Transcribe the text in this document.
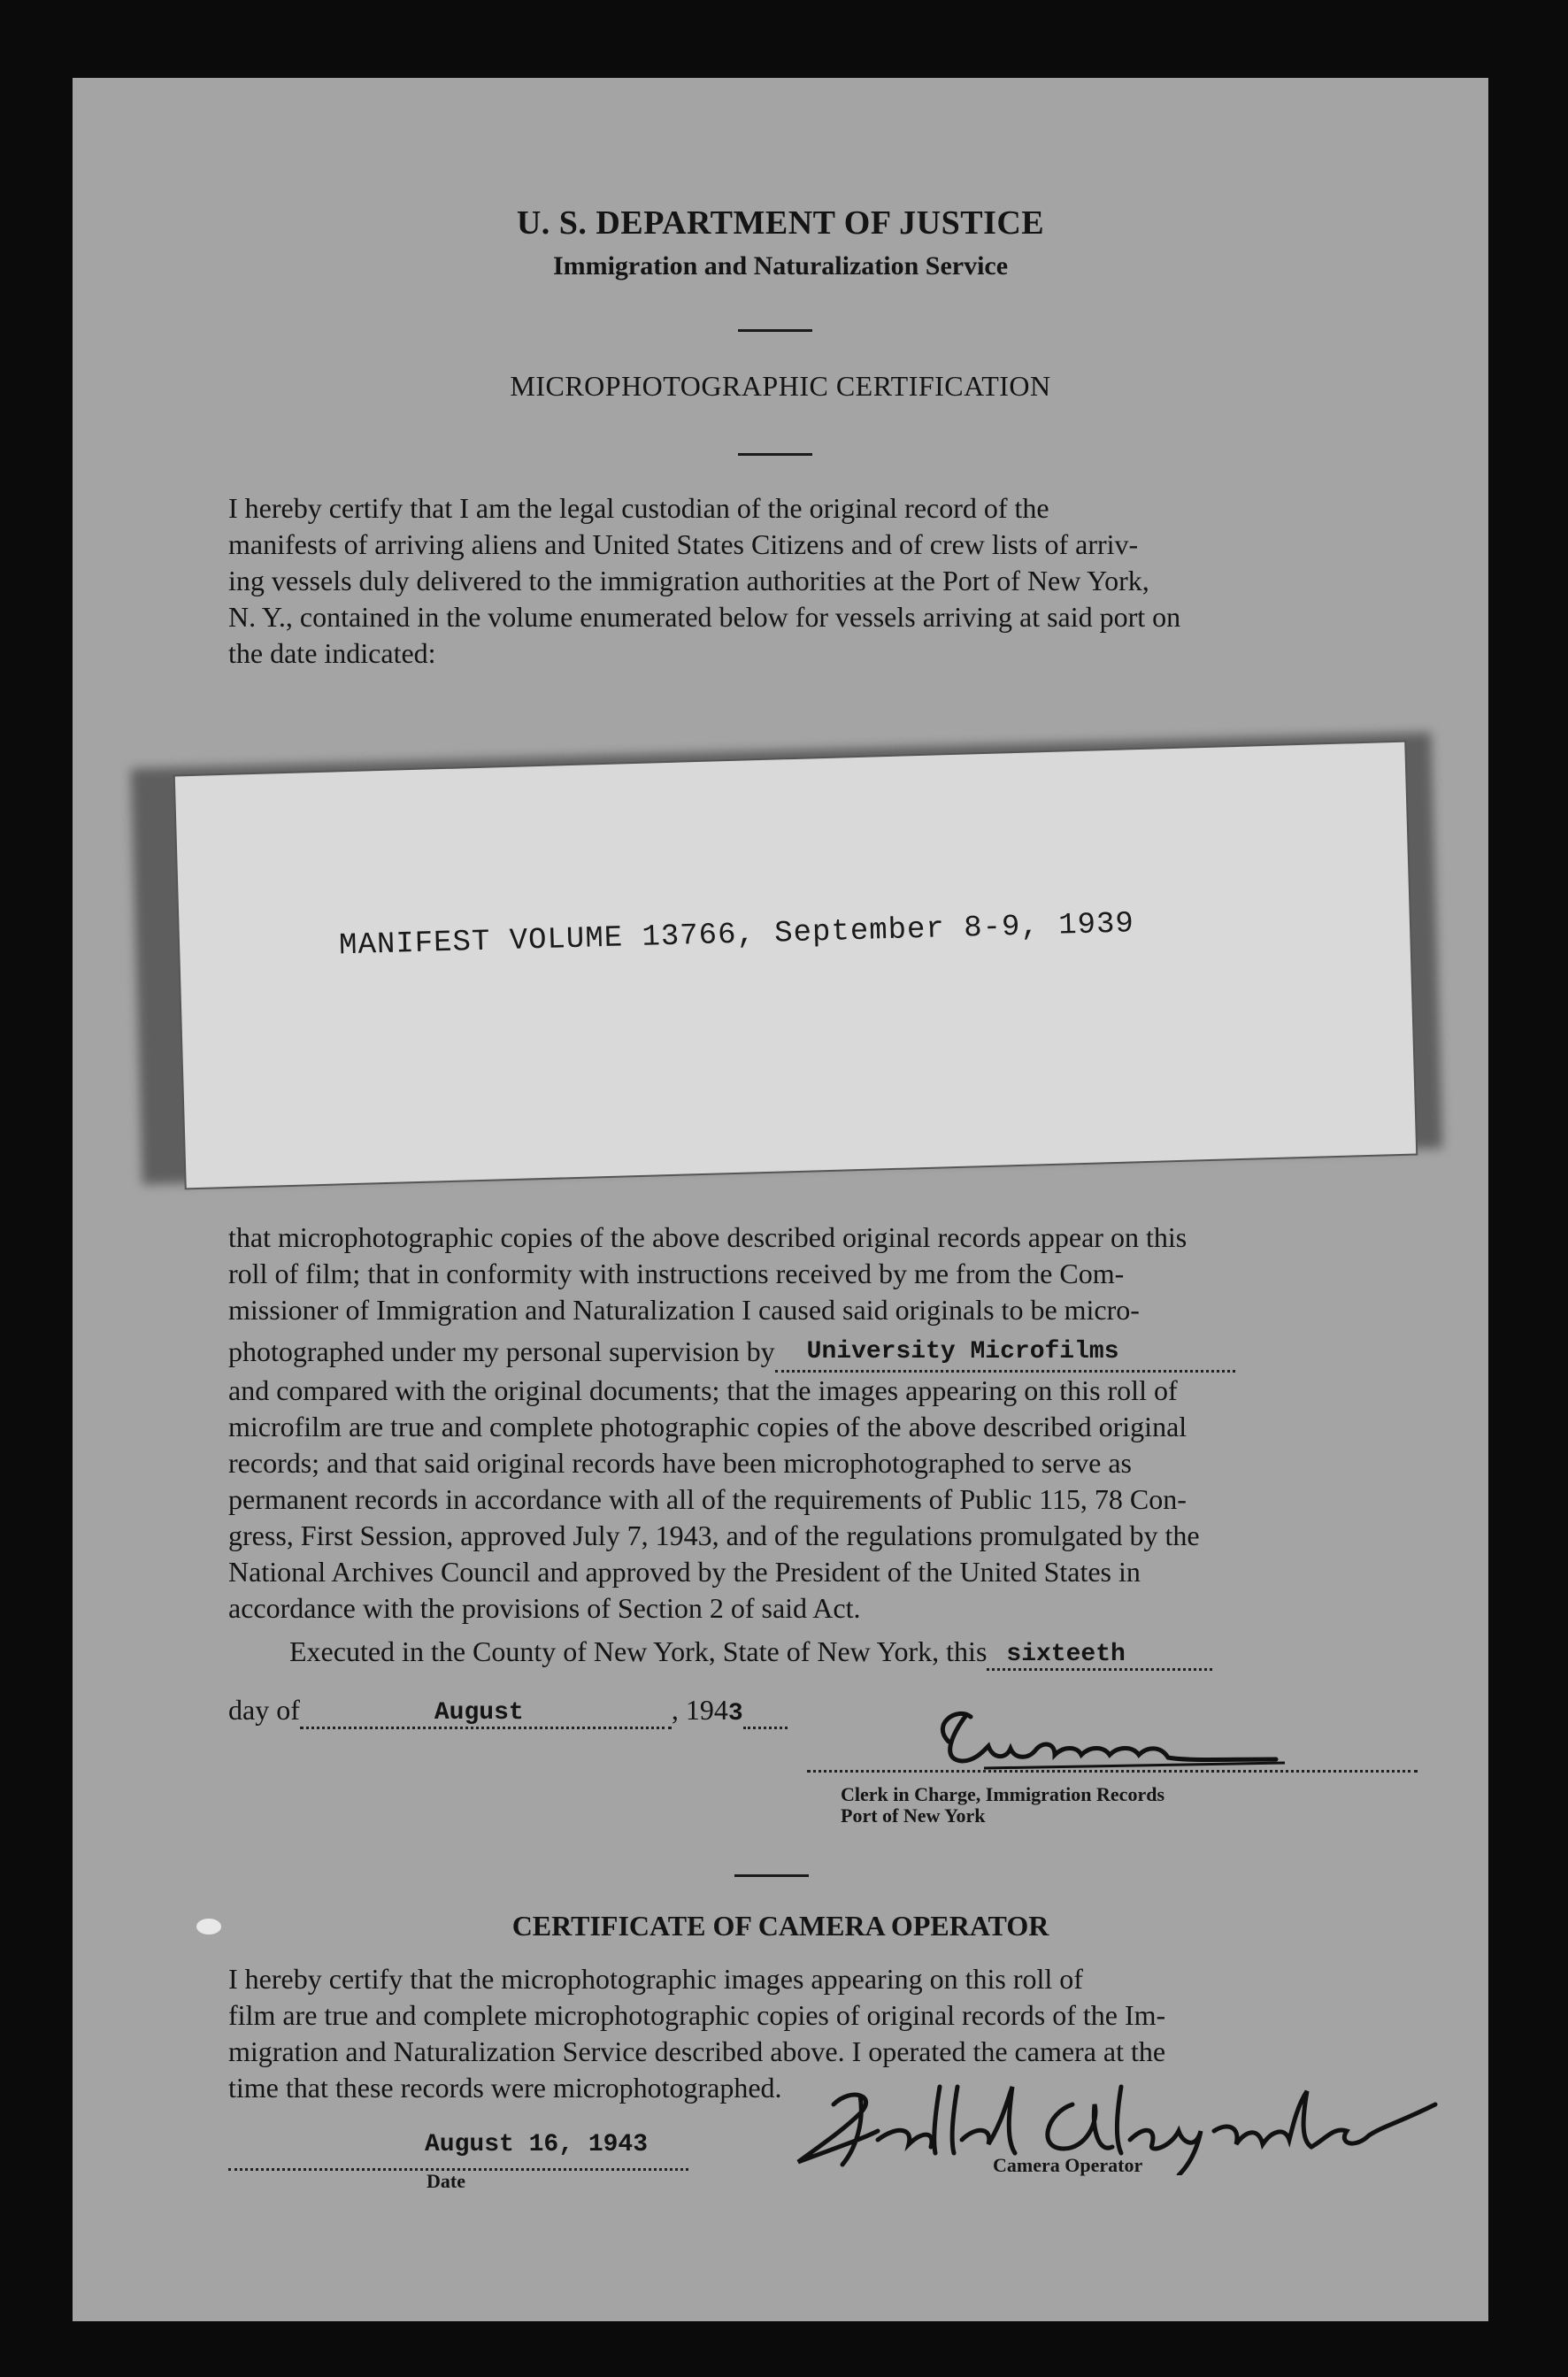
U. S. DEPARTMENT OF JUSTICE
Immigration and Naturalization Service
MICROPHOTOGRAPHIC CERTIFICATION
I hereby certify that I am the legal custodian of the original record of the
manifests of arriving aliens and United States Citizens and of crew lists of arriv-
ing vessels duly delivered to the immigration authorities at the Port of New York,
N. Y., contained in the volume enumerated below for vessels arriving at said port on
the date indicated:
MANIFEST VOLUME 13766, September 8-9, 1939
that microphotographic copies of the above described original records appear on this
roll of film; that in conformity with instructions received by me from the Com-
missioner of Immigration and Naturalization I caused said originals to be micro-
photographed under my personal supervision by University Microfilms

and compared with the original documents; that the images appearing on this roll of
microfilm are true and complete photographic copies of the above described original
records; and that said original records have been microphotographed to serve as
permanent records in accordance with all of the requirements of Public 115, 78 Con-
gress, First Session, approved July 7, 1943, and of the regulations promulgated by the
National Archives Council and approved by the President of the United States in
accordance with the provisions of Section 2 of said Act.
Executed in the County of New York, State of New York, this sixteeth

day of	August	, 1943
Clerk in Charge, Immigration Records
Port of New York
CERTIFICATE OF CAMERA OPERATOR
I hereby certify that the microphotographic images appearing on this roll of
film are true and complete microphotographic copies of original records of the Im-
migration and Naturalization Service described above. I operated the camera at the
time that these records were microphotographed.
August 16, 1943
Date
Camera Operator
